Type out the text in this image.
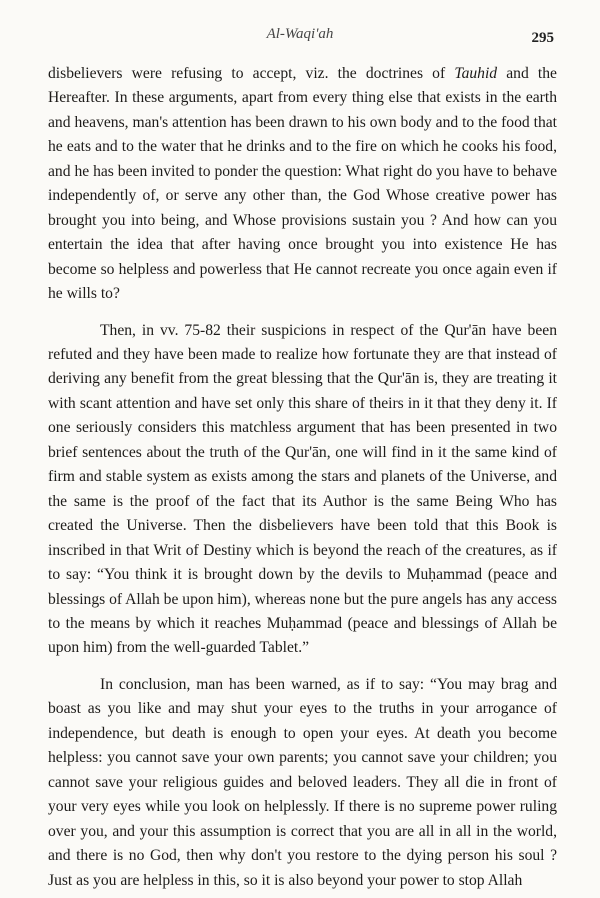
Al-Waqi'ah	295

disbelievers were refusing to accept, viz. the doctrines of Tauhid and the Hereafter. In these arguments, apart from every thing else that exists in the earth and heavens, man's attention has been drawn to his own body and to the food that he eats and to the water that he drinks and to the fire on which he cooks his food, and he has been invited to ponder the question: What right do you have to behave independently of, or serve any other than, the God Whose creative power has brought you into being, and Whose provisions sustain you ? And how can you entertain the idea that after having once brought you into existence He has become so helpless and powerless that He cannot recreate you once again even if he wills to?

Then, in vv. 75-82 their suspicions in respect of the Qur'ān have been refuted and they have been made to realize how fortunate they are that instead of deriving any benefit from the great blessing that the Qur'ān is, they are treating it with scant attention and have set only this share of theirs in it that they deny it. If one seriously considers this matchless argument that has been presented in two brief sentences about the truth of the Qur'ān, one will find in it the same kind of firm and stable system as exists among the stars and planets of the Universe, and the same is the proof of the fact that its Author is the same Being Who has created the Universe. Then the disbelievers have been told that this Book is inscribed in that Writ of Destiny which is beyond the reach of the creatures, as if to say: “You think it is brought down by the devils to Muḥammad (peace and blessings of Allah be upon him), whereas none but the pure angels has any access to the means by which it reaches Muḥammad (peace and blessings of Allah be upon him) from the well-guarded Tablet.”

In conclusion, man has been warned, as if to say: “You may brag and boast as you like and may shut your eyes to the truths in your arrogance of independence, but death is enough to open your eyes. At death you become helpless: you cannot save your own parents; you cannot save your children; you cannot save your religious guides and beloved leaders. They all die in front of your very eyes while you look on helplessly. If there is no supreme power ruling over you, and your this assumption is correct that you are all in all in the world, and there is no God, then why don't you restore to the dying person his soul ? Just as you are helpless in this, so it is also beyond your power to stop Allah
